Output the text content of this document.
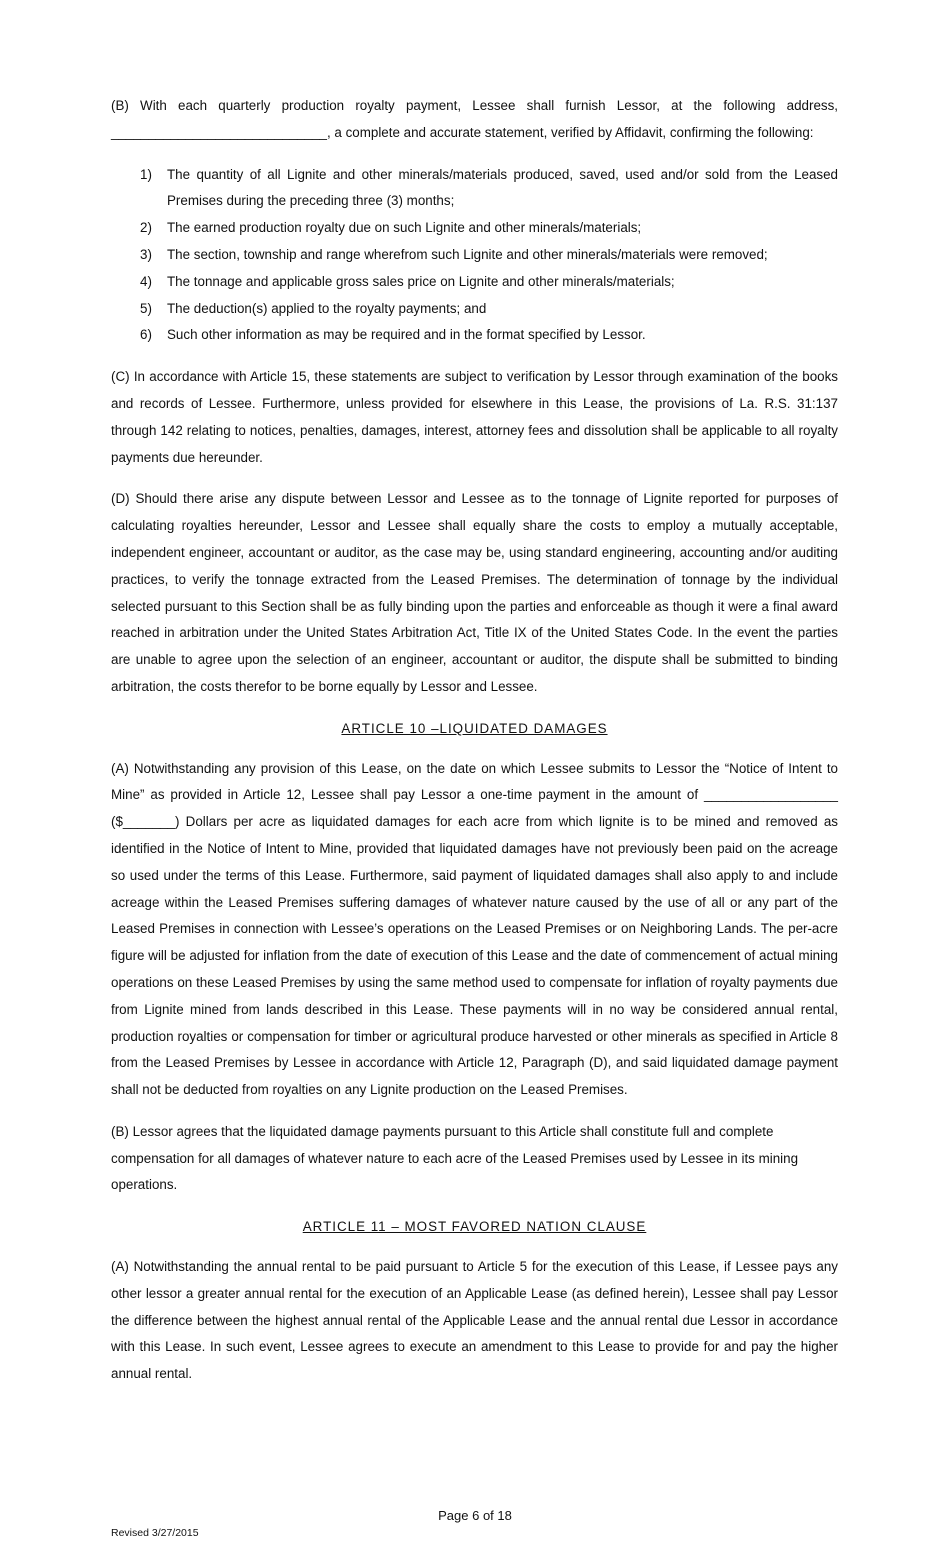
(B) With each quarterly production royalty payment, Lessee shall furnish Lessor, at the following address, _____________________________, a complete and accurate statement, verified by Affidavit, confirming the following:

1)	The quantity of all Lignite and other minerals/materials produced, saved, used and/or sold from the Leased Premises during the preceding three (3) months;
2)	The earned production royalty due on such Lignite and other minerals/materials;
3)	The section, township and range wherefrom such Lignite and other minerals/materials were removed;
4)	The tonnage and applicable gross sales price on Lignite and other minerals/materials;
5)	The deduction(s) applied to the royalty payments; and
6)	Such other information as may be required and in the format specified by Lessor.

(C) In accordance with Article 15, these statements are subject to verification by Lessor through examination of the books and records of Lessee. Furthermore, unless provided for elsewhere in this Lease, the provisions of La. R.S. 31:137 through 142 relating to notices, penalties, damages, interest, attorney fees and dissolution shall be applicable to all royalty payments due hereunder.

(D) Should there arise any dispute between Lessor and Lessee as to the tonnage of Lignite reported for purposes of calculating royalties hereunder, Lessor and Lessee shall equally share the costs to employ a mutually acceptable, independent engineer, accountant or auditor, as the case may be, using standard engineering, accounting and/or auditing practices, to verify the tonnage extracted from the Leased Premises. The determination of tonnage by the individual selected pursuant to this Section shall be as fully binding upon the parties and enforceable as though it were a final award reached in arbitration under the United States Arbitration Act, Title IX of the United States Code. In the event the parties are unable to agree upon the selection of an engineer, accountant or auditor, the dispute shall be submitted to binding arbitration, the costs therefor to be borne equally by Lessor and Lessee.

ARTICLE 10 –LIQUIDATED DAMAGES

(A) Notwithstanding any provision of this Lease, on the date on which Lessee submits to Lessor the “Notice of Intent to Mine” as provided in Article 12, Lessee shall pay Lessor a one-time payment in the amount of __________________ ($_______) Dollars per acre as liquidated damages for each acre from which lignite is to be mined and removed as identified in the Notice of Intent to Mine, provided that liquidated damages have not previously been paid on the acreage so used under the terms of this Lease. Furthermore, said payment of liquidated damages shall also apply to and include acreage within the Leased Premises suffering damages of whatever nature caused by the use of all or any part of the Leased Premises in connection with Lessee’s operations on the Leased Premises or on Neighboring Lands. The per-acre figure will be adjusted for inflation from the date of execution of this Lease and the date of commencement of actual mining operations on these Leased Premises by using the same method used to compensate for inflation of royalty payments due from Lignite mined from lands described in this Lease. These payments will in no way be considered annual rental, production royalties or compensation for timber or agricultural produce harvested or other minerals as specified in Article 8 from the Leased Premises by Lessee in accordance with Article 12, Paragraph (D), and said liquidated damage payment shall not be deducted from royalties on any Lignite production on the Leased Premises.

(B) Lessor agrees that the liquidated damage payments pursuant to this Article shall constitute full and complete compensation for all damages of whatever nature to each acre of the Leased Premises used by Lessee in its mining operations.

ARTICLE 11 – MOST FAVORED NATION CLAUSE

(A) Notwithstanding the annual rental to be paid pursuant to Article 5 for the execution of this Lease, if Lessee pays any other lessor a greater annual rental for the execution of an Applicable Lease (as defined herein), Lessee shall pay Lessor the difference between the highest annual rental of the Applicable Lease and the annual rental due Lessor in accordance with this Lease. In such event, Lessee agrees to execute an amendment to this Lease to provide for and pay the higher annual rental.

Page 6 of 18
Revised 3/27/2015
